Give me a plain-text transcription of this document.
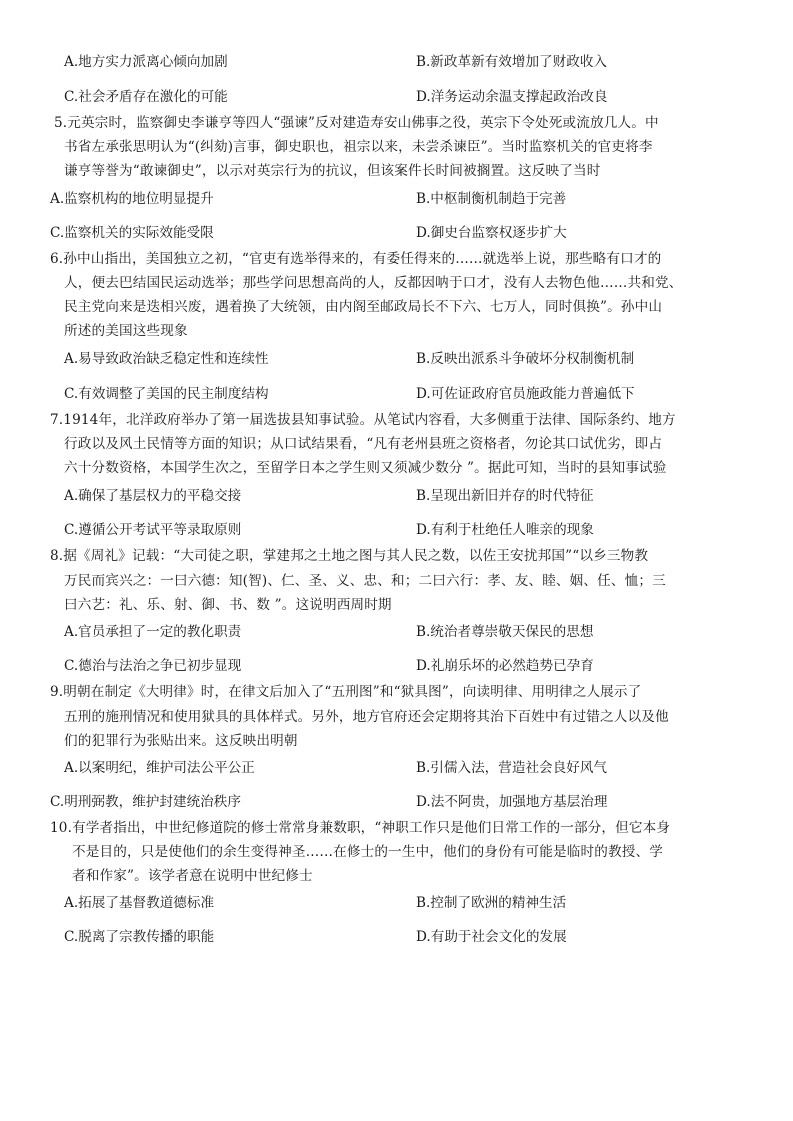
A.地方实力派离心倾向加剧	B.新政革新有效增加了财政收入
C.社会矛盾存在激化的可能	D.洋务运动余温支撑起政治改良
5.元英宗时，监察御史李谦亨等四人“强谏”反对建造寿安山佛事之役，英宗下令处死或流放几人。中
书省左承张思明认为“(纠劾)言事，御史职也，祖宗以来，未尝杀谏臣”。当时监察机关的官吏将李
谦亨等誉为“敢谏御史”，以示对英宗行为的抗议，但该案件长时间被搁置。这反映了当时
A.监察机构的地位明显提升	B.中枢制衡机制趋于完善
C.监察机关的实际效能受限	D.御史台监察权逐步扩大
6.孙中山指出，美国独立之初，“官吏有选举得来的，有委任得来的……就选举上说，那些略有口才的
人，便去巴结国民运动选举；那些学问思想高尚的人，反都因呐于口才，没有人去物色他……共和党、
民主党向来是迭相兴废，遇着换了大统领，由内阁至邮政局长不下六、七万人，同时俱换”。孙中山
所述的美国这些现象
A.易导致政治缺乏稳定性和连续性	B.反映出派系斗争破坏分权制衡机制
C.有效调整了美国的民主制度结构	D.可佐证政府官员施政能力普遍低下
7.1914年，北洋政府举办了第一届选拔县知事试验。从笔试内容看，大多侧重于法律、国际条约、地方
行政以及风土民情等方面的知识；从口试结果看，“凡有老州县班之资格者，勿论其口试优劣，即占
六十分数资格，本国学生次之，至留学日本之学生则又须减少数分 ”。据此可知，当时的县知事试验
A.确保了基层权力的平稳交接	B.呈现出新旧并存的时代特征
C.遵循公开考试平等录取原则	D.有利于杜绝任人唯亲的现象
8.据《周礼》记载：“大司徒之职，掌建邦之土地之图与其人民之数，以佐王安扰邦国”“以乡三物教
万民而宾兴之：一曰六德：知(智)、仁、圣、义、忠、和；二曰六行：孝、友、睦、姻、任、恤；三
曰六艺：礼、乐、射、御、书、数 ”。这说明西周时期
A.官员承担了一定的教化职责	B.统治者尊崇敬天保民的思想
C.德治与法治之争已初步显现	D.礼崩乐坏的必然趋势已孕育
9.明朝在制定《大明律》时，在律文后加入了“五刑图”和“狱具图”，向读明律、用明律之人展示了
五刑的施刑情况和使用狱具的具体样式。另外，地方官府还会定期将其治下百姓中有过错之人以及他
们的犯罪行为张贴出来。这反映出明朝
A.以案明纪，维护司法公平公正	B.引儒入法，营造社会良好风气
C.明刑弼教，维护封建统治秩序	D.法不阿贵，加强地方基层治理
10.有学者指出，中世纪修道院的修士常常身兼数职，“神职工作只是他们日常工作的一部分，但它本身
不是目的，只是使他们的余生变得神圣……在修士的一生中，他们的身份有可能是临时的教授、学
者和作家”。该学者意在说明中世纪修士
A.拓展了基督教道德标准	B.控制了欧洲的精神生活
C.脱离了宗教传播的职能	D.有助于社会文化的发展
